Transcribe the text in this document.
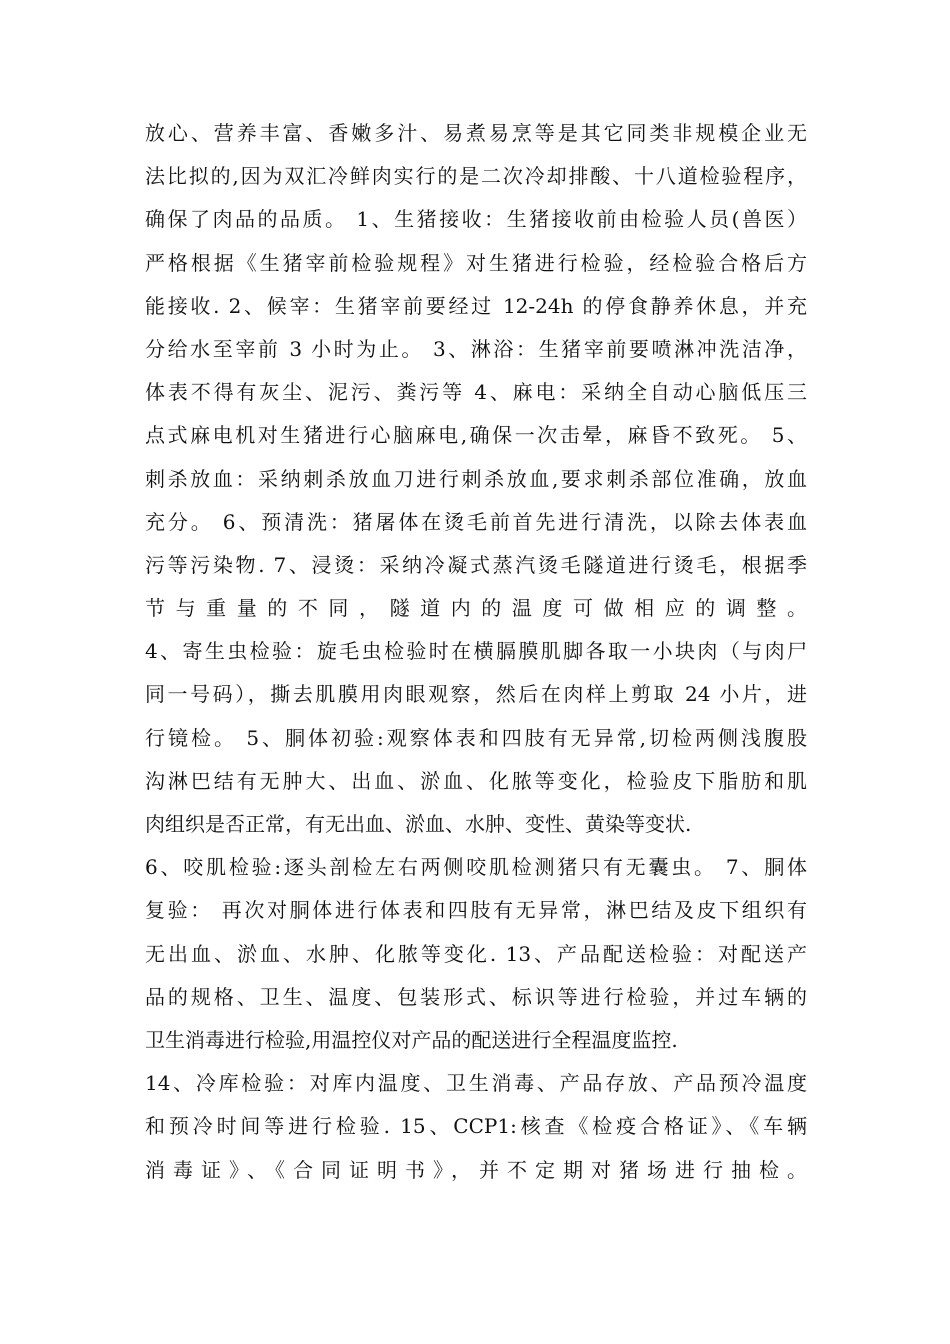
放心、营养丰富、香嫩多汁、易煮易烹等是其它同类非规模企业无
法比拟的,因为双汇冷鲜肉实行的是二次冷却排酸、十八道检验程序，
确保了肉品的品质。 1、生猪接收：生猪接收前由检验人员(兽医）
严格根据《生猪宰前检验规程》对生猪进行检验，经检验合格后方
能接收. 2、候宰：生猪宰前要经过 12-24h 的停食静养休息，并充
分给水至宰前 3 小时为止。 3、淋浴：生猪宰前要喷淋冲洗洁净，
体表不得有灰尘、泥污、粪污等 4、麻电：采纳全自动心脑低压三
点式麻电机对生猪进行心脑麻电,确保一次击晕，麻昏不致死。 5、
刺杀放血：采纳刺杀放血刀进行刺杀放血,要求刺杀部位准确，放血
充分。 6、预清洗：猪屠体在烫毛前首先进行清洗，以除去体表血
污等污染物. 7、浸烫：采纳冷凝式蒸汽烫毛隧道进行烫毛，根据季
节与重量的不同，隧道内的温度可做相应的调整。
4、寄生虫检验：旋毛虫检验时在横膈膜肌脚各取一小块肉（与肉尸
同一号码），撕去肌膜用肉眼观察，然后在肉样上剪取 24 小片，进
行镜检。 5、胴体初验:观察体表和四肢有无异常,切检两侧浅腹股
沟淋巴结有无肿大、出血、淤血、化脓等变化，检验皮下脂肪和肌
肉组织是否正常，有无出血、淤血、水肿、变性、黄染等变状.
6、咬肌检验:逐头剖检左右两侧咬肌检测猪只有无囊虫。 7、胴体
复验： 再次对胴体进行体表和四肢有无异常，淋巴结及皮下组织有
无出血、淤血、水肿、化脓等变化. 13、产品配送检验：对配送产
品的规格、卫生、温度、包装形式、标识等进行检验，并过车辆的
卫生消毒进行检验,用温控仪对产品的配送进行全程温度监控.
14、冷库检验：对库内温度、卫生消毒、产品存放、产品预冷温度
和预冷时间等进行检验. 15、CCP1:核查《检疫合格证》、《车辆
消毒证》、《合同证明书》，并不定期对猪场进行抽检。
